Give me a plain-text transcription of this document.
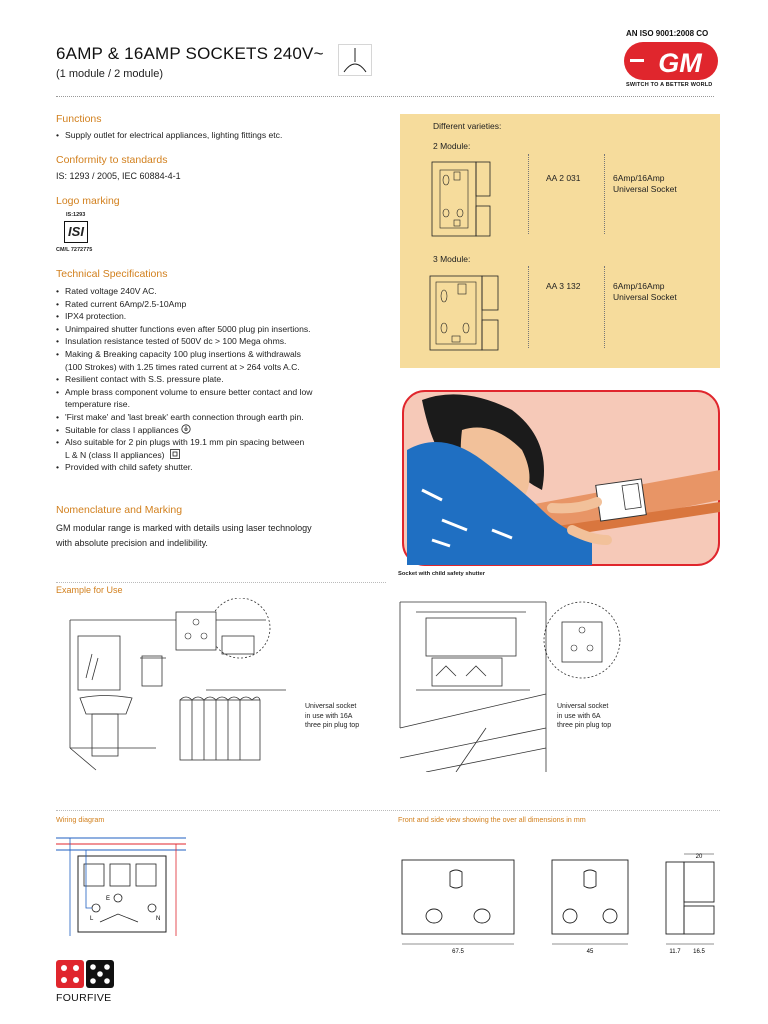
6AMP & 16AMP SOCKETS 240V~
(1 module / 2 module)
AN ISO 9001:2008 CO
GM
SWITCH TO A BETTER WORLD
Functions
• Supply outlet for electrical appliances, lighting fittings etc.
Conformity to standards
IS: 1293 / 2005, IEC 60884-4-1
Logo marking
IS:1293
ISI
CM/L 7272775
Technical Specifications
• Rated voltage 240V AC.
• Rated current 6Amp/2.5-10Amp
• IPX4 protection.
• Unimpaired shutter functions even after 5000 plug pin insertions.
• Insulation resistance tested of 500V dc > 100 Mega ohms.
• Making & Breaking capacity 100 plug insertions & withdrawals
(100 Strokes) with 1.25 times rated current at > 264 volts A.C.
• Resilient contact with S.S. pressure plate.
• Ample brass component volume to ensure better contact and low
temperature rise.
• 'First make' and 'last break' earth connection through earth pin.
• Suitable for class I appliances
• Also suitable for 2 pin plugs with 19.1 mm pin spacing between
L & N (class II appliances)
• Provided with child safety shutter.
Nomenclature and Marking
GM modular range is marked with details using laser technology
with absolute precision and indelibility.
Different varieties:
2 Module:
AA 2 031	6Amp/16Amp
Universal Socket
3 Module:
AA 3 132	6Amp/16Amp
Universal Socket
Socket with child safety shutter
Example for Use
Universal socket
in use with 16A
three pin plug top
Universal socket
in use with 6A
three pin plug top
Wiring diagram
E
L	N
Front and side view showing the over all dimensions in mm
67.5	45	11.7 16.5
20
FOURFIVE
